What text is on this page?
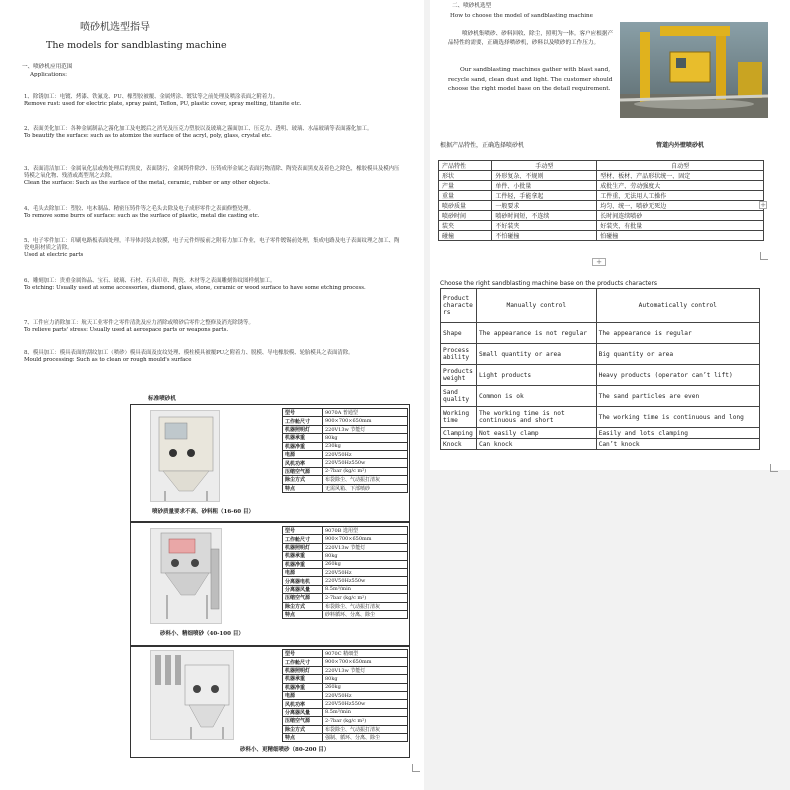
喷砂机选型指导
The models for sandblasting machine
一、喷砂机应用范围
Applications:
1、除锈加工：电镀、烤漆、铁氟龙、PU、橡塑胶被覆、金属烤涂、镀钛等之前处理及喷涂表面之附着力。
Remove rust: used for electric plate, spray paint, Teflon, PU, plastic cover, spray melting, titanite etc.
2、表面美化加工：各种金属制品之霧化加工及电镀后之消光及压克力塑胶以及玻璃之霧面加工、压克力、透明、玻璃、水晶玻璃等表面霧化加工。
To beautify the surface: such as to atomize the surface of the acryl, poly, glass, crystal etc.
3、表面清洁加工：金属氧化层或热处理后的黑皮，表面锈污，金属铸件除沙、压铸成形金属之表面污物清除、陶瓷表面黑皮及着色之除色，橡胶模具及模内压铸模之氧化物、残渣或离型剂之去除。
Clean the surface: Such as the surface of the metal, ceramic, rubber or any other objects.
4、毛头去除加工：塑胶、电木制品、精密压铸件等之毛头去除及电子成形零件之表面修整处理。
To remove some burrs of surface: such as the surface of plastic, metal die casting etc.
5、电子零件加工：印刷电路板表面处理，半导体封装去胶膜，电子元件焊接前之附着力加工作业，电子零件镀锡前处理，集成电路及电子表面纹理之加工、陶瓷电阻材质之清除。
Used at electric parts
6、雕刻加工：贵重金属饰品、宝石、玻璃、石材、石头印章、陶瓷、木材等之表面雕刻饰纹图样刻加工。
To etching: Usually used at some accessories, diamond, glass, stone, ceramic or wood surface to have some etching process.
7、工件应力消除加工：航天工业零件之零件清洗及应力消除或喷砂后零件之整修及消光除锈等。
To relieve parts' stress: Usually used at aerospace parts or weapons parts.
8、模具加工：模具表面的刮纹加工（喷砂）模具表面及皮纹处理、模柱模具被覆PU之附着力、脱模、导电橡胶模、轮胎模具之表面清除。
Mould processing: Such as to clean or rough mould's surface
标准喷砂机
型号	9070A 普通型
工作舱尺寸	900×700×650mm
机器照明灯	220V13w 节能灯
机器承重	80kg
机器净重	230kg
电源	220V50Hz
风机功率	220V50Hz550w
压缩空气源	2-7bar (kg/c m²)
除尘方式	布袋除尘、气动振打清灰
特点	无需风箱、下部喷砂
喷砂质量要求不高、砂料粗（16-60 目）
型号	9070B 选用型
工作舱尺寸	900×700×650mm
机器照明灯	220V13w 节能灯
机器承重	80kg
机器净重	260kg
电源	220V50Hz
分离器电机	220V50Hz550w
分离器风量	8.5m³/min
压缩空气源	2-7bar (kg/c m²)
除尘方式	布袋除尘、气动振打清灰
特点	砂料循环、分离、除尘
砂料小、精细喷砂（40-100 目）
型号	9070C 精细型
工作舱尺寸	900×700×650mm
机器照明灯	220V13w 节能灯
机器承重	80kg
机器净重	260kg
电源	220V50Hz
风机功率	220V50Hz550w
分离器风量	8.5m³/min
压缩空气源	2-7bar (kg/c m²)
除尘方式	布袋除尘、气动振打清灰
特点	强制、循环、分离、除尘
砂料小、更精细喷砂（80-200 目）
二、喷砂机选型
How to choose the model of sandblasting machine
喷砂机集喷砂、砂料回收、除尘，照明为一体。客户应根据产品特性的需要，正确选择喷砂机，砂料以及喷砂的工作压力。
Our sandblasting machines gather with blast sand, recycle sand, clean dust and light. The customer should choose the right model base on the detail requirement.
根据产品特性，正确选择喷砂机	管道内外壁喷砂机
Choose the right sandblasting machine base on the products characters
产品特性	手动型	自动型
形状	外形复杂、不规则	型材、板材、产品形状统一、固定
产量	单件、小批量	成批生产、劳动强度大
重量	工件轻，手能拿起	工件重，无法用人工操作
喷砂质量	一般要求	均匀、统一，喷砂无死边
喷砂时间	喷砂时间短，不连续	长时间连续喷砂
装夹	不好装夹	好装夹，有批量
碰撞	不怕碰撞	怕碰撞
+
+
Product characters	Manually control	Automatically control
Shape	The appearance is not regular	The appearance is regular
Process ability	Small quantity or area	Big quantity or area
Products weight	Light products	Heavy products (operator can’t lift)
Sand quality	Common is ok	The sand particles are even
Working time	The working time is not continuous and short	The working time is continuous and long
Clamping	Not easily clamp	Easily and lots clamping
Knock	Can knock	Can’t knock
